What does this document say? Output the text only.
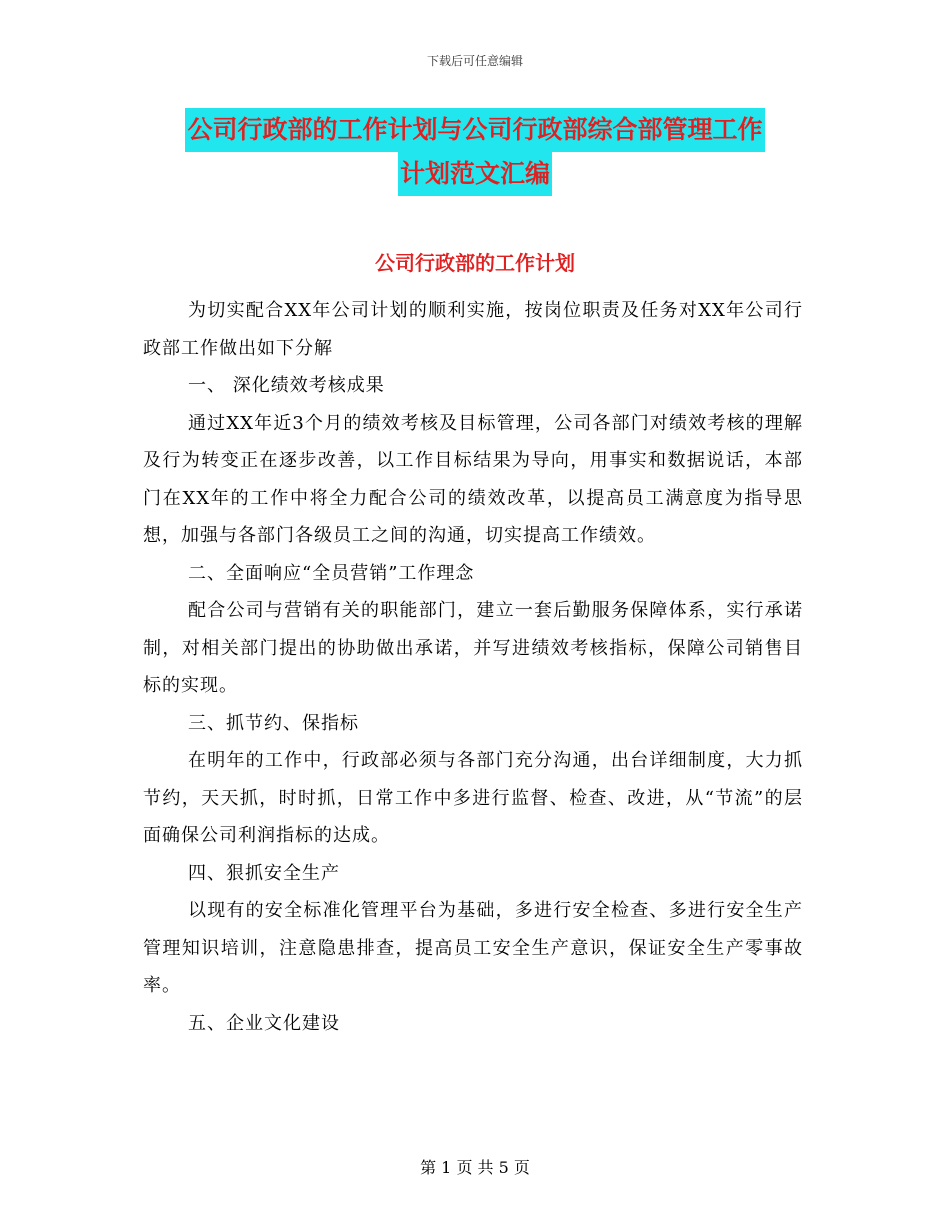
下载后可任意编辑
公司行政部的工作计划与公司行政部综合部管理工作
计划范文汇编
公司行政部的工作计划

为切实配合XX年公司计划的顺利实施，按岗位职责及任务对XX年公司行政部工作做出如下分解

一、 深化绩效考核成果

通过XX年近3个月的绩效考核及目标管理，公司各部门对绩效考核的理解及行为转变正在逐步改善，以工作目标结果为导向，用事实和数据说话，本部门在XX年的工作中将全力配合公司的绩效改革，以提高员工满意度为指导思想，加强与各部门各级员工之间的沟通，切实提高工作绩效。

二、全面响应“全员营销”工作理念

配合公司与营销有关的职能部门，建立一套后勤服务保障体系，实行承诺制，对相关部门提出的协助做出承诺，并写进绩效考核指标，保障公司销售目标的实现。

三、抓节约、保指标

在明年的工作中，行政部必须与各部门充分沟通，出台详细制度，大力抓节约，天天抓，时时抓，日常工作中多进行监督、检查、改进，从“节流”的层面确保公司利润指标的达成。

四、狠抓安全生产

以现有的安全标准化管理平台为基础，多进行安全检查、多进行安全生产管理知识培训，注意隐患排查，提高员工安全生产意识，保证安全生产零事故率。

五、企业文化建设

第 1 页 共 5 页
